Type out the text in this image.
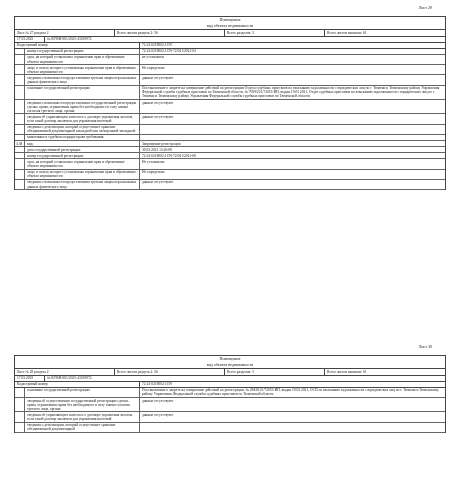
Лист 29
Помещение
вид объекта недвижимости
Лист № 27 раздела 2	Всего листов раздела 2: 56	Всего разделов: 3	Всего листов выписки: 61
17.03.2025	№ КУВИ-001/2025-43339972
Кадастровый номер:	72:23:0218002:1159
номер государственной регистрации:	72:23:0218002:1159-72/041/2021-63
срок, на который установлено ограничение прав и обременение объекта недвижимости:
не установлен
лицо, в пользу которого установлены ограничение прав и обременение объекта недвижимости:
Не определено
сведения о возможности предоставления третьим лицам персональных данных физического лица
данные отсутствуют
основание государственной регистрации:	Постановление о запрете на совершение действий по регистрации Отдела судебных приставов по взысканию задолженности с юридических лиц по г. Тюмени и Тюменскому району Управления Федеральной службы судебных приставов по Тюменской области, № 70593/21/72053-ИП, выдан 19.03.2021, Отдел судебных приставов по взысканию задолженности с юридических лиц по г. Тюмени и Тюменскому району Управления Федеральной службы судебных приставов по Тюменской области
сведения о возможности предоставления государственной регистрации сделки, права, ограничения права без необходимого в силу закона согласия третьего лица, органа:
данные отсутствуют
сведения об управляющем залогом и о договоре управления залогом, если такой договор заключен для управления ипотекой:
данные отсутствуют
сведения о депозитарии, который осуществляет хранение обездвиженной документарной закладной или электронной закладной:
заявленные в судебном порядке права требования:
4.38	вид:	Запрещение регистрации
дата государственной регистрации:	30.03.2021 13:20:08
номер государственной регистрации:	72:23:0218002:1159-72/041/2021-60
срок, на который установлено ограничение прав и обременение объекта недвижимости:
Не установлен
лицо, в пользу которого установлены ограничение прав и обременение объекта недвижимости:
Не определено
сведения о возможности предоставления третьим лицам персональных данных физического лица
данные отсутствуют
Лист 30
Помещение
вид объекта недвижимости
Лист № 28 раздела 2	Всего листов раздела 2: 56	Всего разделов: 3	Всего листов выписки: 61
17.03.2025	№ КУВИ-001/2025-43339972
Кадастровый номер:	72:23:0218002:1159
основание государственной регистрации:	Постановление о запрете на совершение действий по регистрации, № 28430/21/72053-ИП, выдан 19.03.2021, ОСП по взысканию задолженности с юридических лиц по г. Тюмени и Тюменскому району Управления Федеральной службы судебных приставов по Тюменской области
сведения об осуществлении государственной регистрации сделки, права, ограничения права без необходимого в силу закона согласия третьего лица, органа:
данные отсутствуют
сведения об управляющем залогом и о договоре управления залогом, если такой договор заключен для управления ипотекой:
данные отсутствуют
сведения о депозитарии, который осуществляет хранение обездвиженной документарной
